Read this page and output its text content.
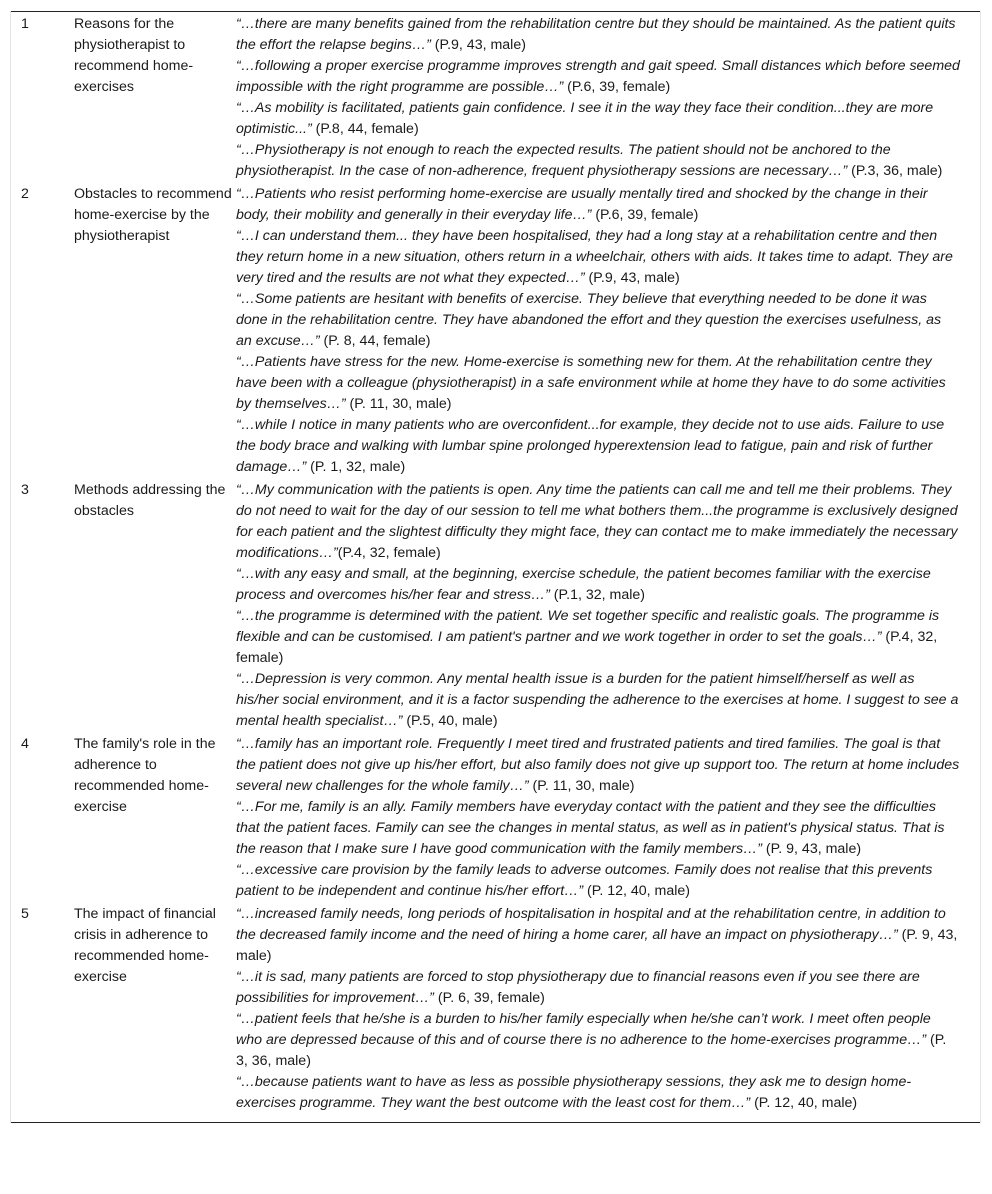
1	Reasons for the physiotherapist to recommend home-exercises	“…there are many benefits gained from the rehabilitation centre but they should be maintained. As the patient quits the effort the relapse begins…” (P.9, 43, male)
“…following a proper exercise programme improves strength and gait speed. Small distances which before seemed impossible with the right programme are possible…” (P.6, 39, female)
“…As mobility is facilitated, patients gain confidence. I see it in the way they face their condition...they are more optimistic...” (P.8, 44, female)
“…Physiotherapy is not enough to reach the expected results. The patient should not be anchored to the physiotherapist. In the case of non-adherence, frequent physiotherapy sessions are necessary…” (P.3, 36, male)

2	Obstacles to recommend home-exercise by the physiotherapist	“…Patients who resist performing home-exercise are usually mentally tired and shocked by the change in their body, their mobility and generally in their everyday life…” (P.6, 39, female)
“…I can understand them... they have been hospitalised, they had a long stay at a rehabilitation centre and then they return home in a new situation, others return in a wheelchair, others with aids. It takes time to adapt. They are very tired and the results are not what they expected…” (P.9, 43, male)
“…Some patients are hesitant with benefits of exercise. They believe that everything needed to be done it was done in the rehabilitation centre. They have abandoned the effort and they question the exercises usefulness, as an excuse…” (P. 8, 44, female)
“…Patients have stress for the new. Home-exercise is something new for them. At the rehabilitation centre they have been with a colleague (physiotherapist) in a safe environment while at home they have to do some activities by themselves…” (P. 11, 30, male)
“…while I notice in many patients who are overconfident...for example, they decide not to use aids. Failure to use the body brace and walking with lumbar spine prolonged hyperextension lead to fatigue, pain and risk of further damage…” (P. 1, 32, male)

3	Methods addressing the obstacles	“…My communication with the patients is open. Any time the patients can call me and tell me their problems. They do not need to wait for the day of our session to tell me what bothers them...the programme is exclusively designed for each patient and the slightest difficulty they might face, they can contact me to make immediately the necessary modifications…”(P.4, 32, female)
“…with any easy and small, at the beginning, exercise schedule, the patient becomes familiar with the exercise process and overcomes his/her fear and stress…” (P.1, 32, male)
“…the programme is determined with the patient. We set together specific and realistic goals. The programme is flexible and can be customised. I am patient's partner and we work together in order to set the goals…” (P.4, 32, female)
“…Depression is very common. Any mental health issue is a burden for the patient himself/herself as well as his/her social environment, and it is a factor suspending the adherence to the exercises at home. I suggest to see a mental health specialist…” (P.5, 40, male)

4	The family's role in the adherence to recommended home-exercise	“…family has an important role. Frequently I meet tired and frustrated patients and tired families. The goal is that the patient does not give up his/her effort, but also family does not give up support too. The return at home includes several new challenges for the whole family…” (P. 11, 30, male)
“…For me, family is an ally. Family members have everyday contact with the patient and they see the difficulties that the patient faces. Family can see the changes in mental status, as well as in patient's physical status. That is the reason that I make sure I have good communication with the family members…” (P. 9, 43, male)
“…excessive care provision by the family leads to adverse outcomes. Family does not realise that this prevents patient to be independent and continue his/her effort…” (P. 12, 40, male)

5	The impact of financial crisis in adherence to recommended home-exercise	“…increased family needs, long periods of hospitalisation in hospital and at the rehabilitation centre, in addition to the decreased family income and the need of hiring a home carer, all have an impact on physiotherapy…” (P. 9, 43, male)
“…it is sad, many patients are forced to stop physiotherapy due to financial reasons even if you see there are possibilities for improvement…” (P. 6, 39, female)
“…patient feels that he/she is a burden to his/her family especially when he/she can’t work. I meet often people who are depressed because of this and of course there is no adherence to the home-exercises programme…” (P. 3, 36, male)
“…because patients want to have as less as possible physiotherapy sessions, they ask me to design home-exercises programme. They want the best outcome with the least cost for them…” (P. 12, 40, male)
